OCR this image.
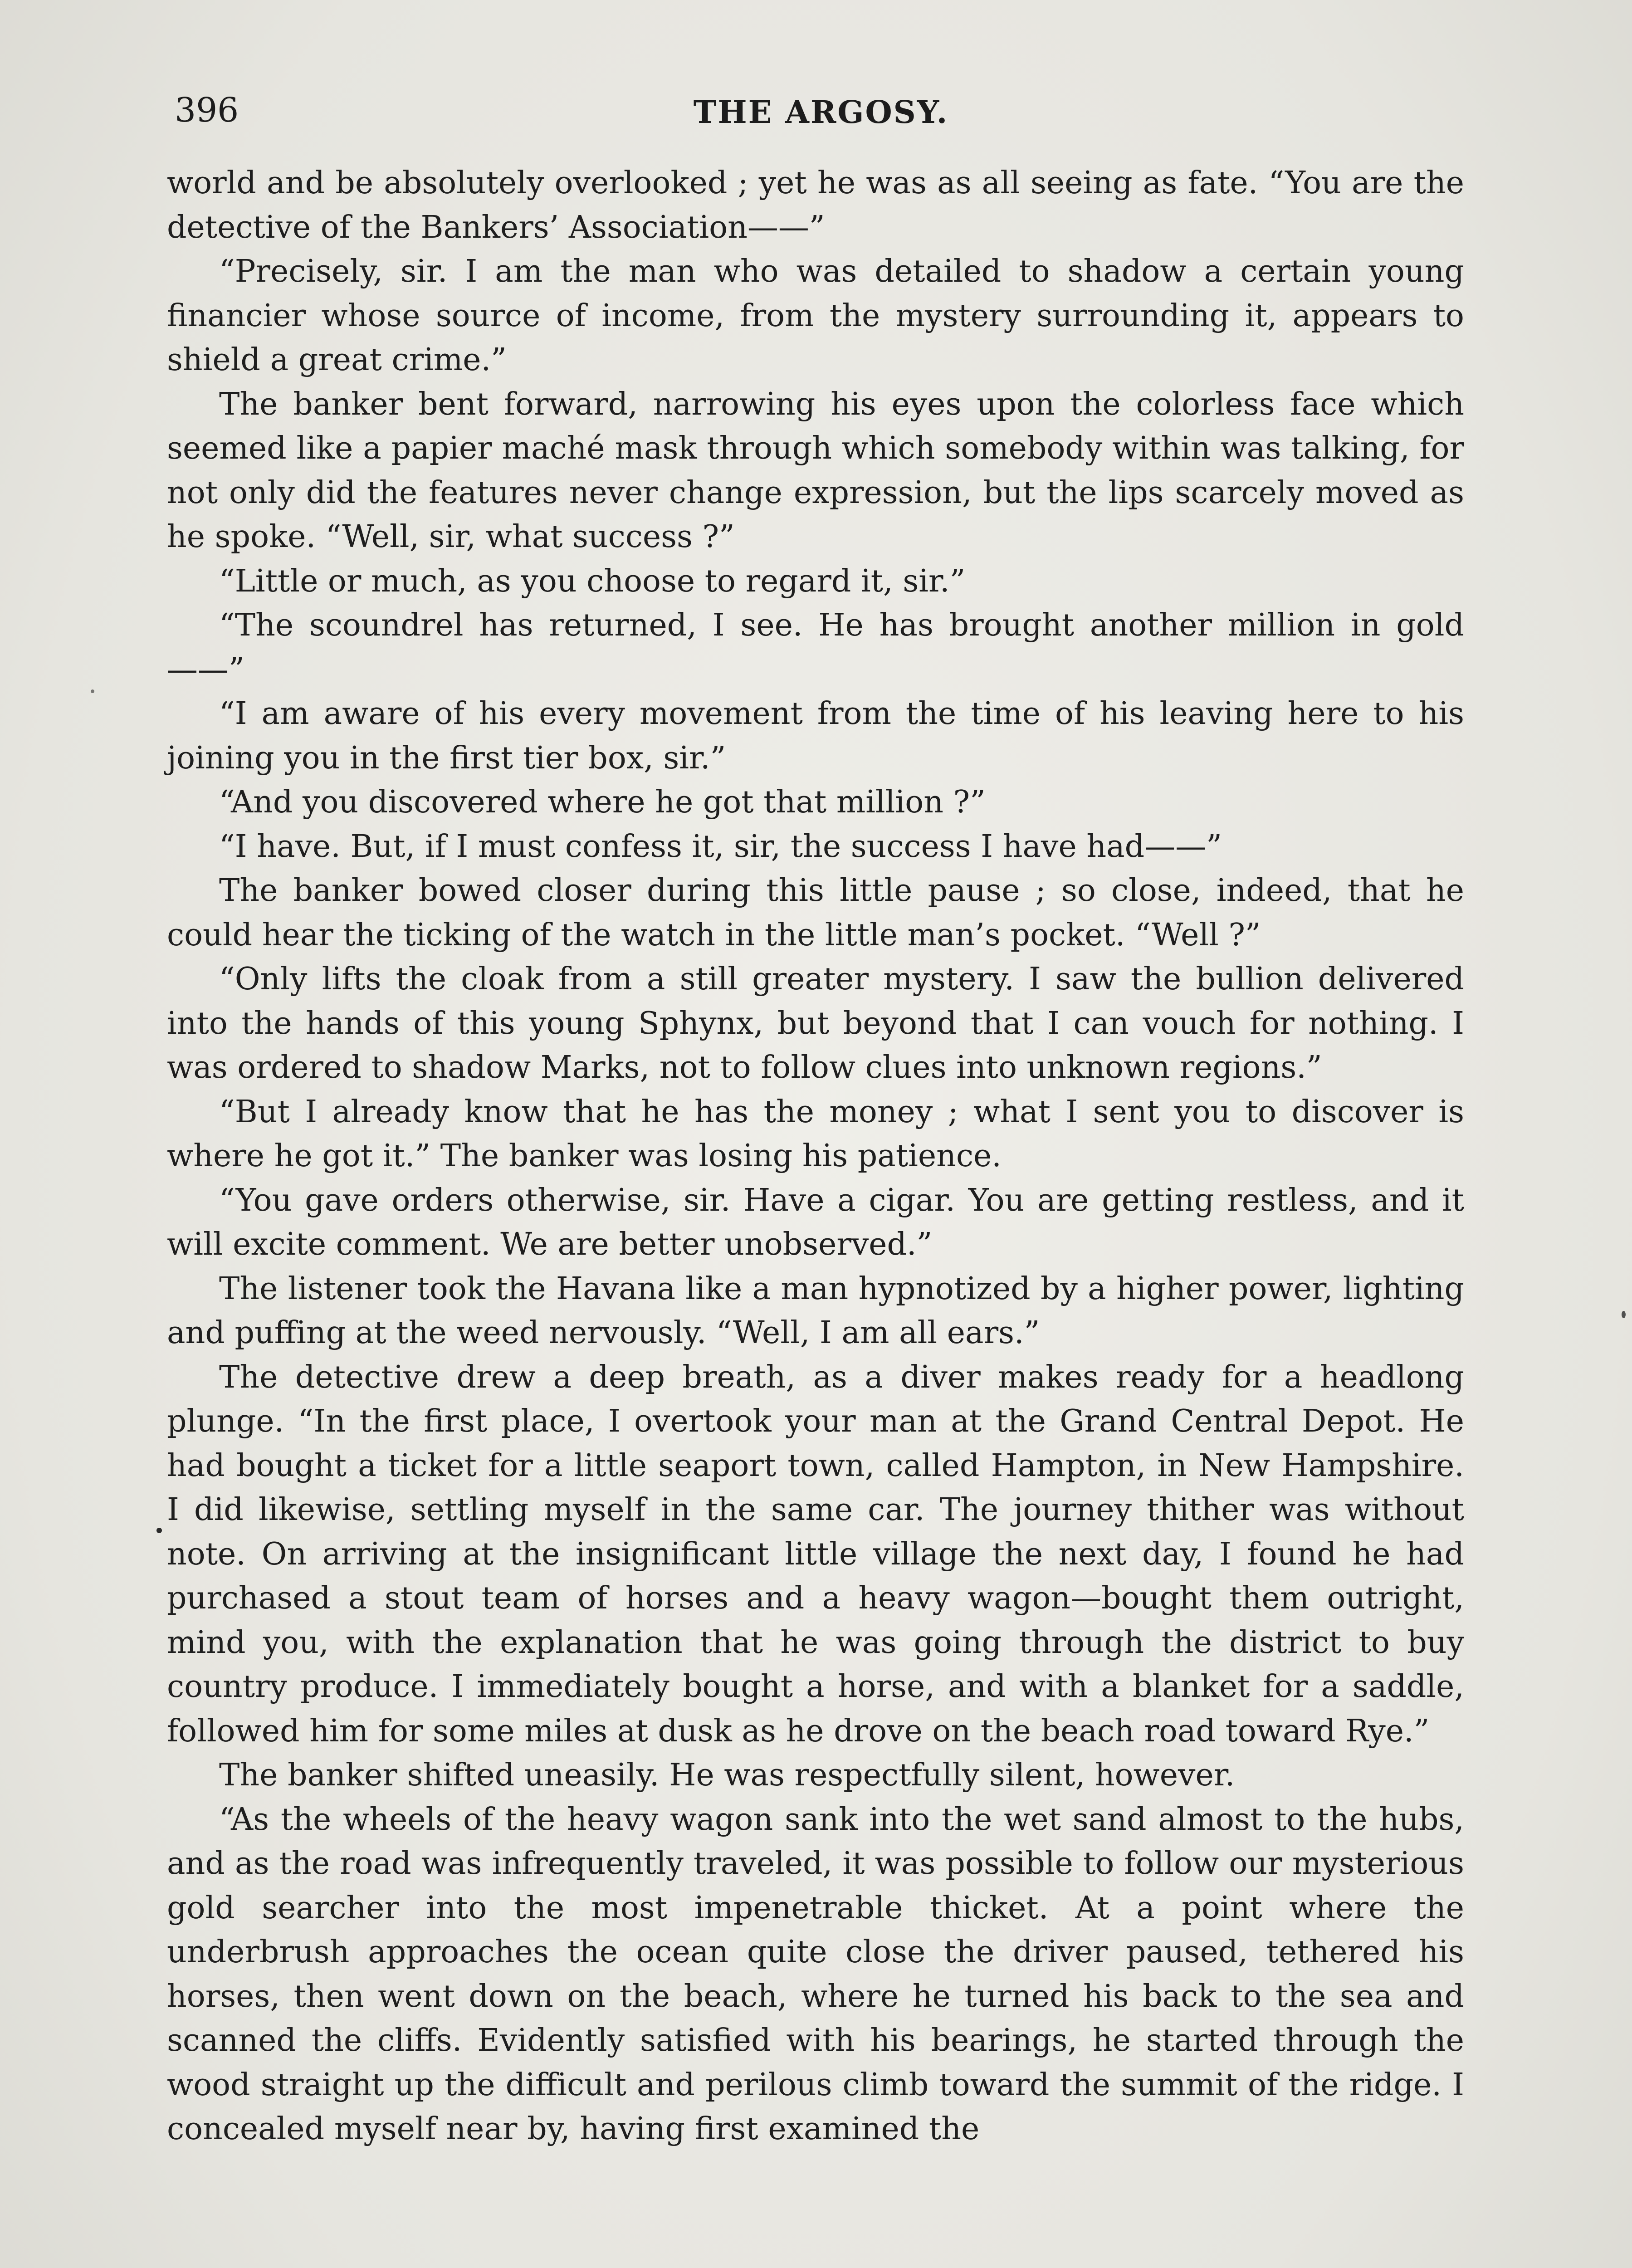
396	THE ARGOSY.

world and be absolutely overlooked ; yet he was as all seeing as fate. “You are the detective of the Bankers’ Association——”

“Precisely, sir. I am the man who was detailed to shadow a certain young financier whose source of income, from the mystery surrounding it, appears to shield a great crime.”

The banker bent forward, narrowing his eyes upon the colorless face which seemed like a papier maché mask through which somebody within was talking, for not only did the features never change expression, but the lips scarcely moved as he spoke. “Well, sir, what success ?”

“Little or much, as you choose to regard it, sir.”

“The scoundrel has returned, I see. He has brought another million in gold——”

“I am aware of his every movement from the time of his leaving here to his joining you in the first tier box, sir.”

“And you discovered where he got that million ?”

“I have. But, if I must confess it, sir, the success I have had——”

The banker bowed closer during this little pause ; so close, indeed, that he could hear the ticking of the watch in the little man’s pocket. “Well ?”

“Only lifts the cloak from a still greater mystery. I saw the bullion delivered into the hands of this young Sphynx, but beyond that I can vouch for nothing. I was ordered to shadow Marks, not to follow clues into unknown regions.”

“But I already know that he has the money ; what I sent you to discover is where he got it.” The banker was losing his patience.

“You gave orders otherwise, sir. Have a cigar. You are getting restless, and it will excite comment. We are better unobserved.”

The listener took the Havana like a man hypnotized by a higher power, lighting and puffing at the weed nervously. “Well, I am all ears.”

The detective drew a deep breath, as a diver makes ready for a headlong plunge. “In the first place, I overtook your man at the Grand Central Depot. He had bought a ticket for a little seaport town, called Hampton, in New Hampshire. I did likewise, settling myself in the same car. The journey thither was without note. On arriving at the insignificant little village the next day, I found he had purchased a stout team of horses and a heavy wagon—bought them outright, mind you, with the explanation that he was going through the district to buy country produce. I immediately bought a horse, and with a blanket for a saddle, followed him for some miles at dusk as he drove on the beach road toward Rye.”

The banker shifted uneasily. He was respectfully silent, however.

“As the wheels of the heavy wagon sank into the wet sand almost to the hubs, and as the road was infrequently traveled, it was possible to follow our mysterious gold searcher into the most impenetrable thicket. At a point where the underbrush approaches the ocean quite close the driver paused, tethered his horses, then went down on the beach, where he turned his back to the sea and scanned the cliffs. Evidently satisfied with his bearings, he started through the wood straight up the difficult and perilous climb toward the summit of the ridge. I concealed myself near by, having first examined the
